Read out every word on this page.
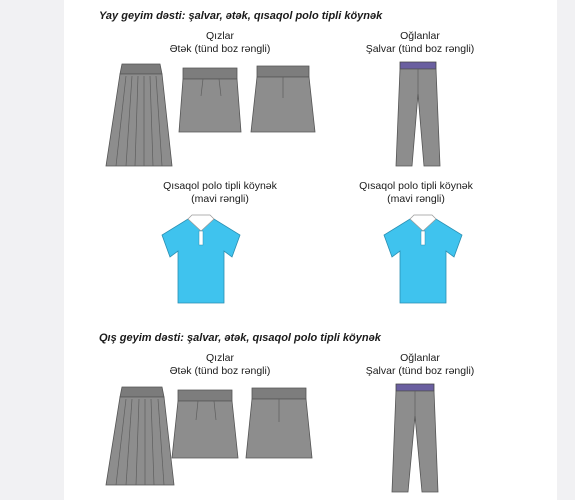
Yay geyim dəsti: şalvar, ətək, qısaqol polo tipli köynək
Qızlar
Ətək (tünd boz rəngli)
Oğlanlar
Şalvar (tünd boz rəngli)
Qısaqol polo tipli köynək
(mavi rəngli)
Qısaqol polo tipli köynək
(mavi rəngli)
Qış geyim dəsti: şalvar, ətək, qısaqol polo tipli köynək
Qızlar
Ətək (tünd boz rəngli)
Oğlanlar
Şalvar (tünd boz rəngli)
